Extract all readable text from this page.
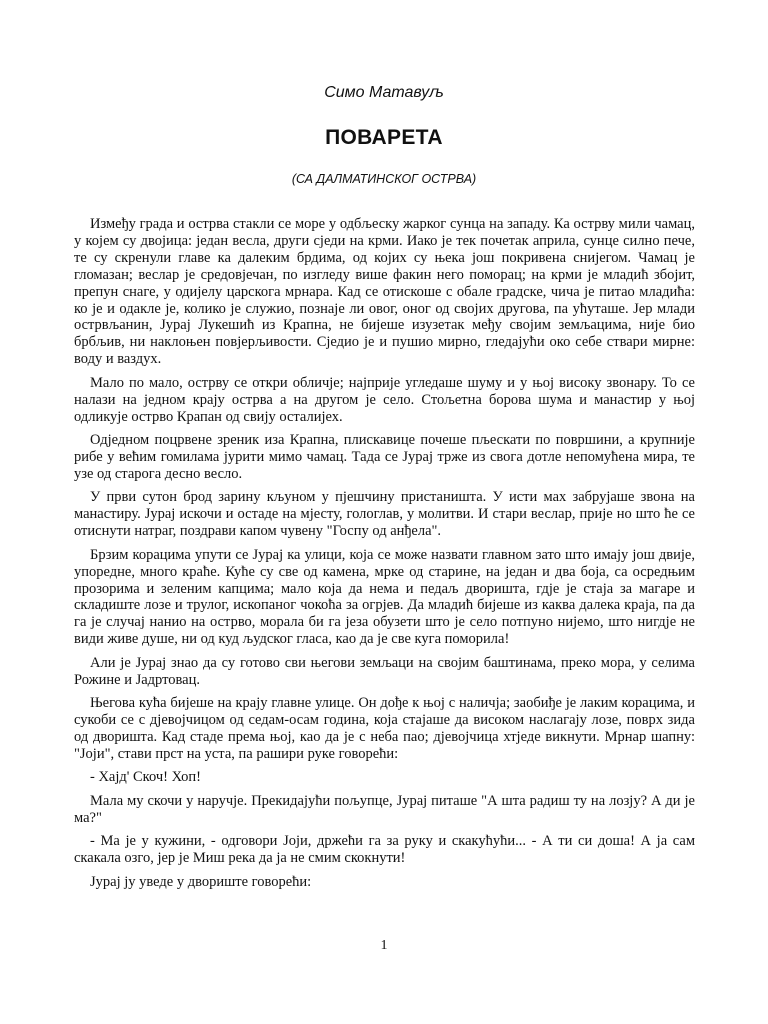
Симо Матавуљ
ПОВАРЕТА
(СА ДАЛМАТИНСКОГ ОСТРВА)

Између града и острва стакли се море у одбљеску жарког сунца на западу. Ка острву мили чамац, у којем су двојица: један весла, други сједи на крми. Иако је тек почетак априла, сунце силно пече, те су скренули главе ка далеким брдима, од којих су њека још покривена снијегом. Чамац је гломазан; веслар је средовјечан, по изгледу више факин него поморац; на крми је младић збојит, препун снаге, у одијелу царскога мрнара. Кад се отискоше с обале градске, чича је питао младића: ко је и одакле је, колико је служио, познаје ли овог, оног од својих другова, па ућуташе. Јер млади острвљанин, Јурај Лукешић из Крапна, не бијеше изузетак међу својим земљацима, није био брбљив, ни наклоњен повјерљивости. Сједио је и пушио мирно, гледајући око себе ствари мирне: воду и ваздух.

Мало по мало, острву се откри обличје; најприје угледаше шуму и у њој високу звонару. То се налази на једном крају острва а на другом је село. Стољетна борова шума и манастир у њој одликује острво Крапан од свију осталијех.

Одједном поцрвене зреник иза Крапна, плискавице почеше пљескати по површини, а крупније рибе у већим гомилама јурити мимо чамац. Тада се Јурај трже из свога дотле непомућена мира, те узе од старога десно весло.

У први сутон брод зарину кљуном у пјешчину пристаништа. У исти мах забрујаше звона на манастиру. Јурај искочи и остаде на мјесту, гологлав, у молитви. И стари веслар, прије но што ће се отиснути натраг, поздрави капом чувену "Госпу од анђела".

Брзим корацима упути се Јурај ка улици, која се може назвати главном зато што имају још двије, упоредне, много краће. Куће су све од камена, мрке од старине, на један и два боја, са осредњим прозорима и зеленим капцима; мало која да нема и педаљ дворишта, гдје је стаја за магаре и складиште лозе и трулог, ископаног чокоћа за огрјев. Да младић бијеше из каква далека краја, па да га је случај нанио на острво, морала би га језа обузети што је село потпуно нијемо, што нигдје не види живе душе, ни од куд људског гласа, као да је све куга поморила!

Али је Јурај знао да су готово сви његови земљаци на својим баштинама, преко мора, у селима Рожине и Јадртовац.

Његова кућа бијеше на крају главне улице. Он дође к њој с наличја; заобиђе је лаким корацима, и сукоби се с дјевојчицом од седам-осам година, која стајаше да високом наслагају лозе, поврх зида од дворишта. Кад стаде према њој, као да је с неба пао; дјевојчица хтједе викнути. Мрнар шапну: "Јоји", стави прст на уста, па рашири руке говорећи:

- Хајд' Скоч! Хоп!

Мала му скочи у наручје. Прекидајући пољупце, Јурај питаше "А шта радиш ту на лозју? А ди је ма?"

- Ма је у кужини, - одговори Јоји, држећи га за руку и скакућући... - А ти си доша! А ја сам скакала озго, јер је Миш река да ја не смим скокнути!

Јурај ју уведе у двориште говорећи:

1
